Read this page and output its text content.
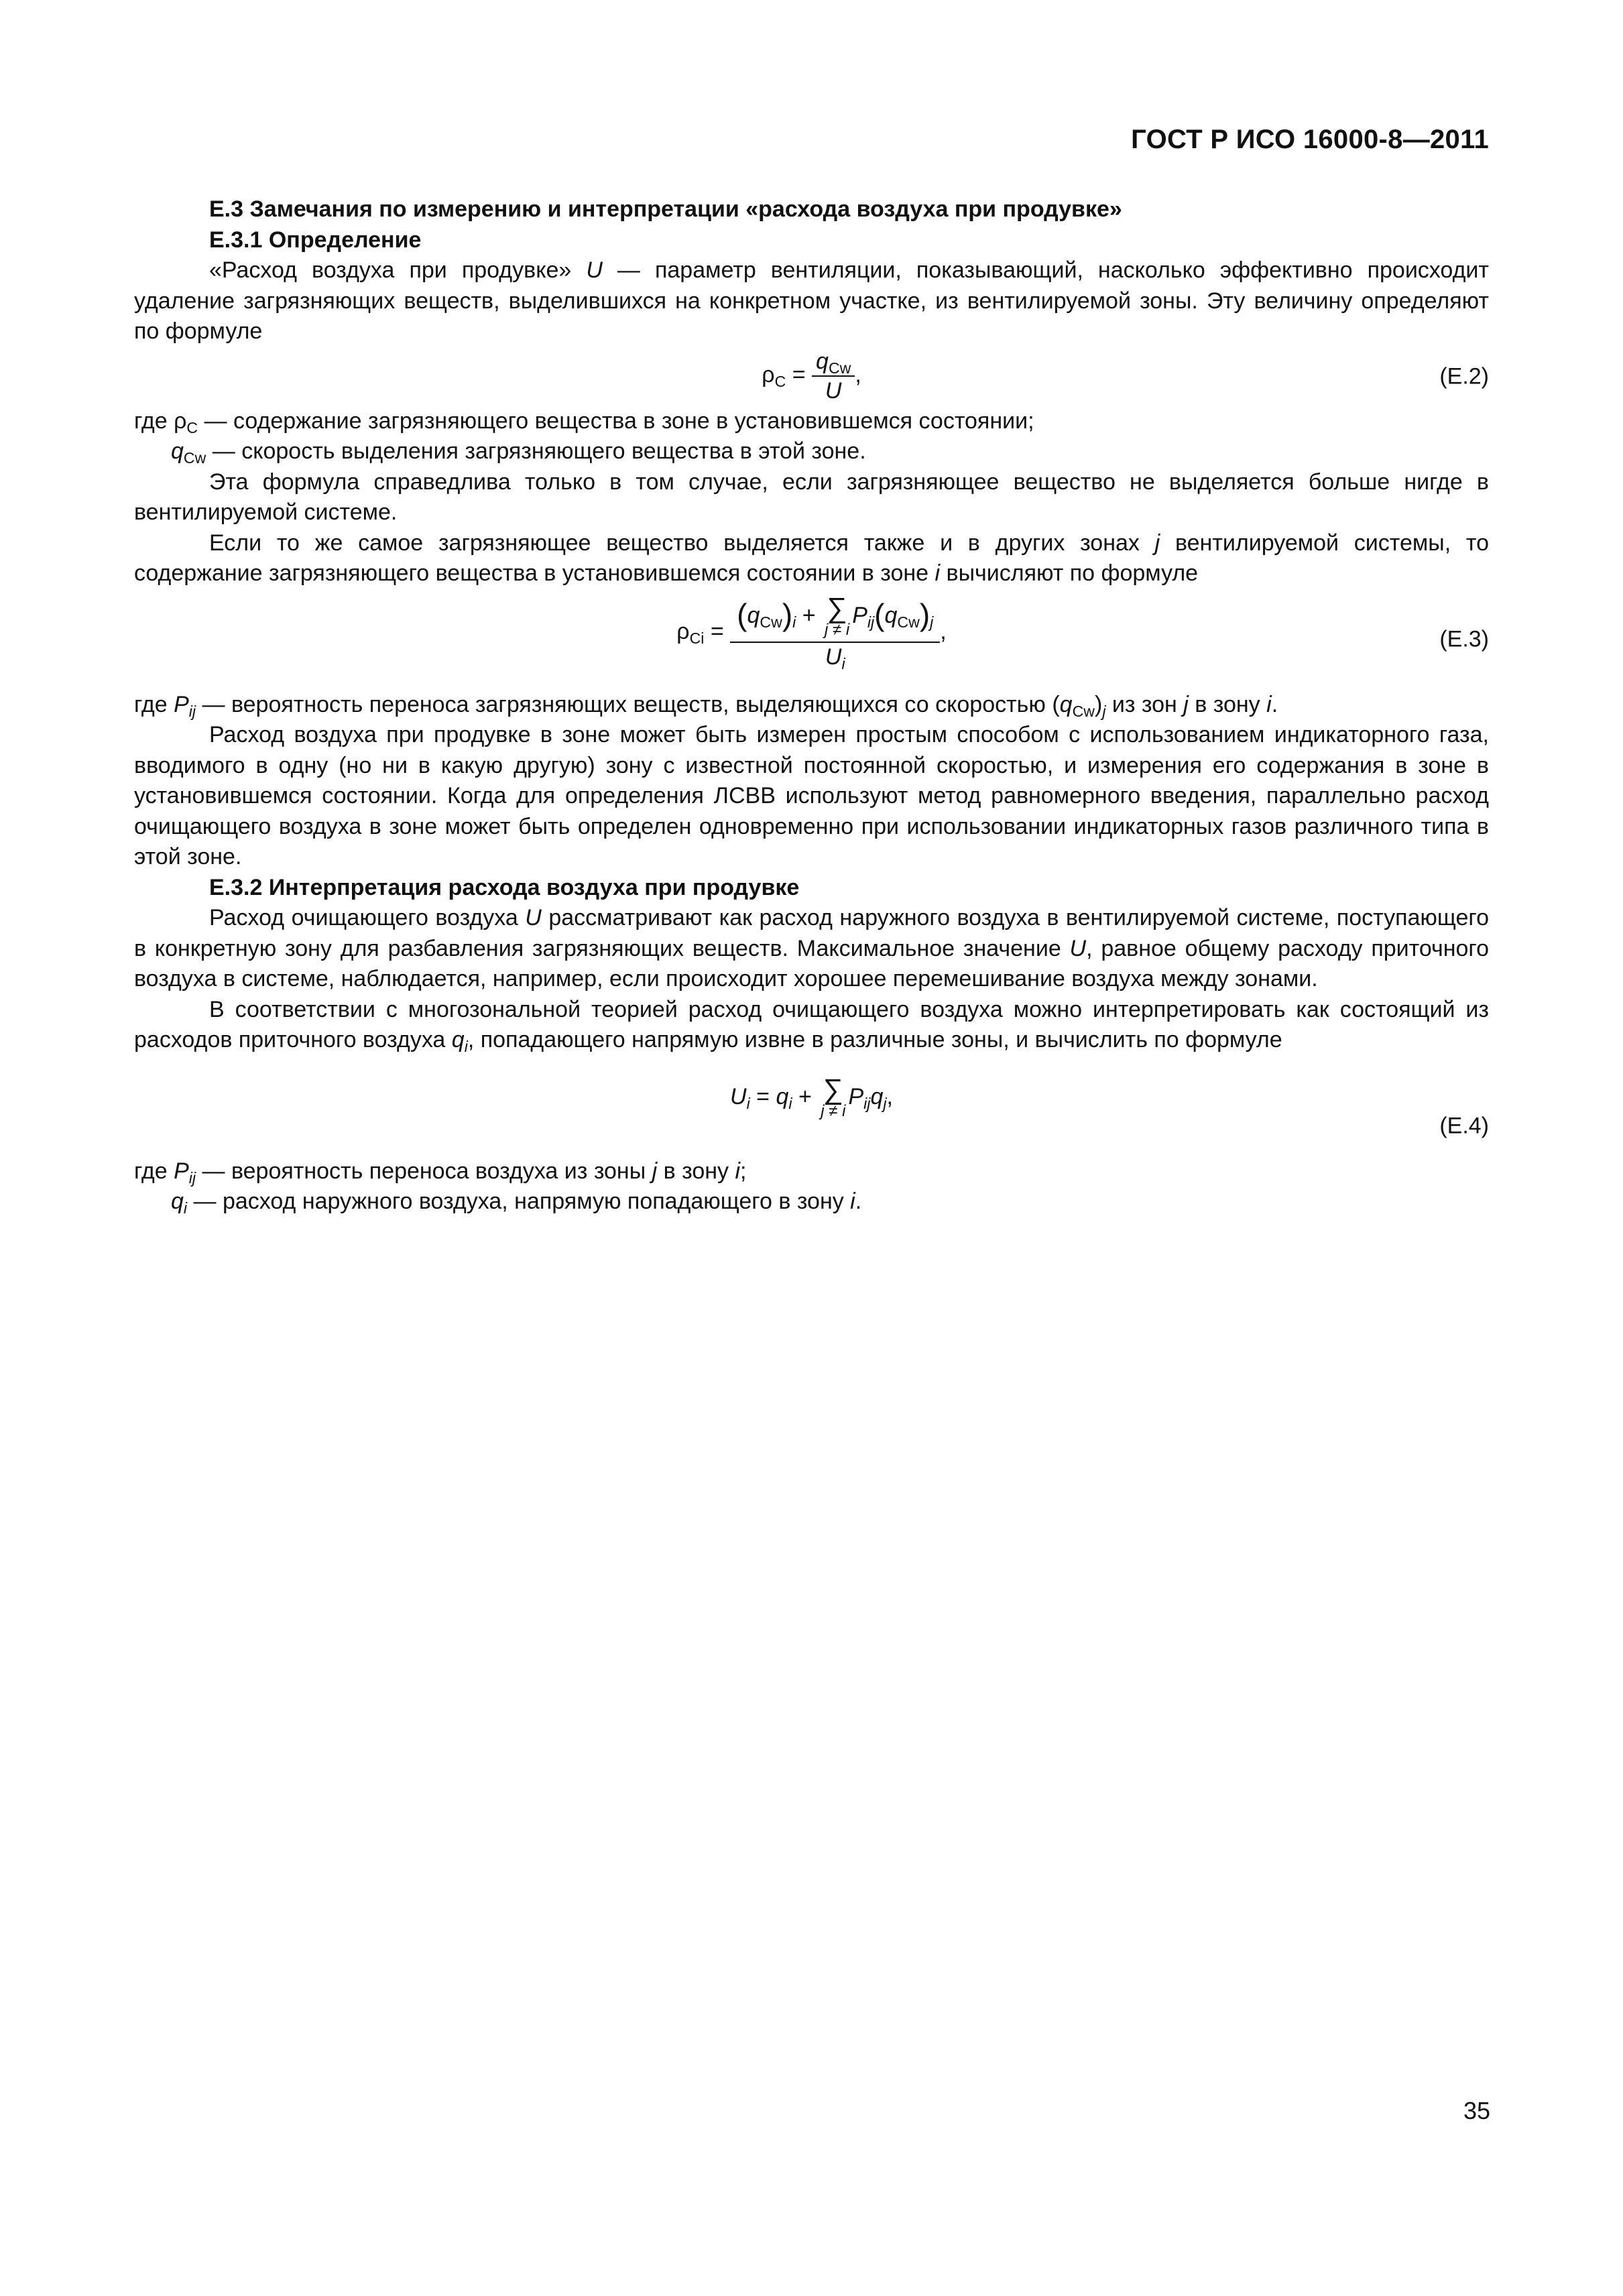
ГОСТ Р ИСО 16000-8—2011

Е.3 Замечания по измерению и интерпретации «расхода воздуха при продувке»

Е.3.1 Определение

«Расход воздуха при продувке» U — параметр вентиляции, показывающий, насколько эффективно происходит удаление загрязняющих веществ, выделившихся на конкретном участке, из вентилируемой зоны. Эту величину определяют по формуле

$\rho_C = \frac{q_{Cw}}{U}$ ,	(Е.2)

где $\rho_C$ — содержание загрязняющего вещества в зоне в установившемся состоянии;

$q_{Cw}$ — скорость выделения загрязняющего вещества в этой зоне.

Эта формула справедлива только в том случае, если загрязняющее вещество не выделяется больше нигде в вентилируемой системе.

Если то же самое загрязняющее вещество выделяется также и в других зонах j вентилируемой системы, то содержание загрязняющего вещества в установившемся состоянии в зоне i вычисляют по формуле

$\rho_{Ci} = (q_{Cw})_i$ + ∑
j ≠ i
$P_{ij}(q_{Cw})_j$
$U_i$ ,	(Е.3)

где $P_{ij}$ — вероятность переноса загрязняющих веществ, выделяющихся со скоростью $(q_{Cw})_j$ из зон j в зону i.

Расход воздуха при продувке в зоне может быть измерен простым способом с использованием индикаторного газа, вводимого в одну (но ни в какую другую) зону с известной постоянной скоростью, и измерения его содержания в зоне в установившемся состоянии. Когда для определения ЛСВВ используют метод равномерного введения, параллельно расход очищающего воздуха в зоне может быть определен одновременно при использовании индикаторных газов различного типа в этой зоне.

Е.3.2 Интерпретация расхода воздуха при продувке

Расход очищающего воздуха U рассматривают как расход наружного воздуха в вентилируемой системе, поступающего в конкретную зону для разбавления загрязняющих веществ. Максимальное значение U, равное общему расходу приточного воздуха в системе, наблюдается, например, если происходит хорошее перемешивание воздуха между зонами.

В соответствии с многозональной теорией расход очищающего воздуха можно интерпретировать как состоящий из расходов приточного воздуха $q_i$, попадающего напрямую извне в различные зоны, и вычислить по формуле

$U_i = q_i$ + ∑
j ≠ i
$P_{ij}q_j$,
(Е.4)

где $P_{ij}$ — вероятность переноса воздуха из зоны j в зону i;

$q_i$ — расход наружного воздуха, напрямую попадающего в зону i.

35
